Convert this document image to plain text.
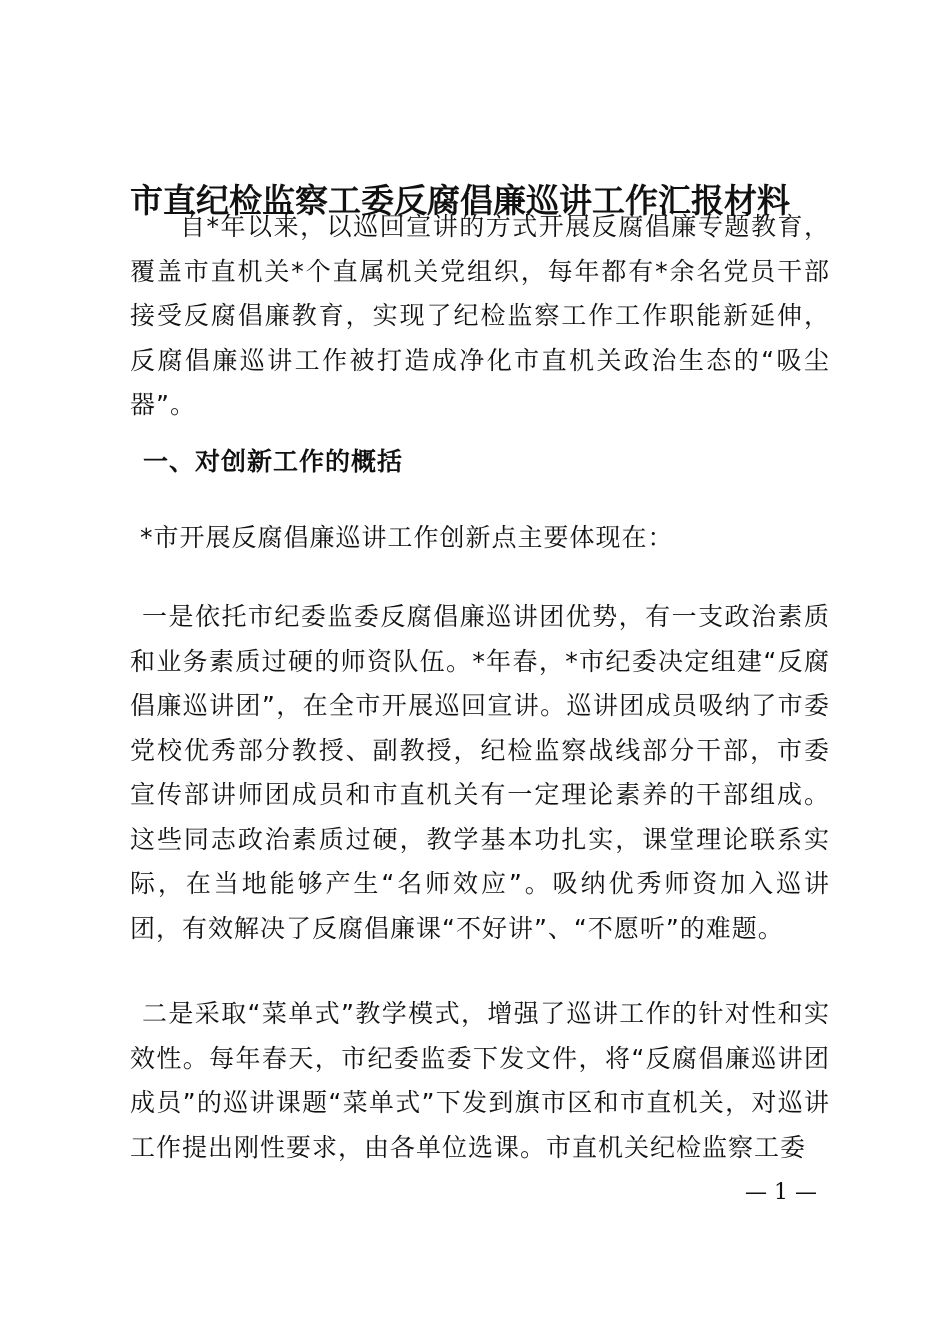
市直纪检监察工委反腐倡廉巡讲工作汇报材料
自*年以来，以巡回宣讲的方式开展反腐倡廉专题教育，覆盖市直机关*个直属机关党组织，每年都有*余名党员干部接受反腐倡廉教育，实现了纪检监察工作工作职能新延伸，反腐倡廉巡讲工作被打造成净化市直机关政治生态的“吸尘器”。
一、对创新工作的概括
*市开展反腐倡廉巡讲工作创新点主要体现在：
一是依托市纪委监委反腐倡廉巡讲团优势，有一支政治素质和业务素质过硬的师资队伍。*年春，*市纪委决定组建“反腐倡廉巡讲团”，在全市开展巡回宣讲。巡讲团成员吸纳了市委党校优秀部分教授、副教授，纪检监察战线部分干部，市委宣传部讲师团成员和市直机关有一定理论素养的干部组成。这些同志政治素质过硬，教学基本功扎实，课堂理论联系实际，在当地能够产生“名师效应”。吸纳优秀师资加入巡讲团，有效解决了反腐倡廉课“不好讲”、“不愿听”的难题。
二是采取“菜单式”教学模式，增强了巡讲工作的针对性和实效性。每年春天，市纪委监委下发文件，将“反腐倡廉巡讲团成员”的巡讲课题“菜单式”下发到旗市区和市直机关，对巡讲工作提出刚性要求，由各单位选课。市直机关纪检监察工委
— 1 —
